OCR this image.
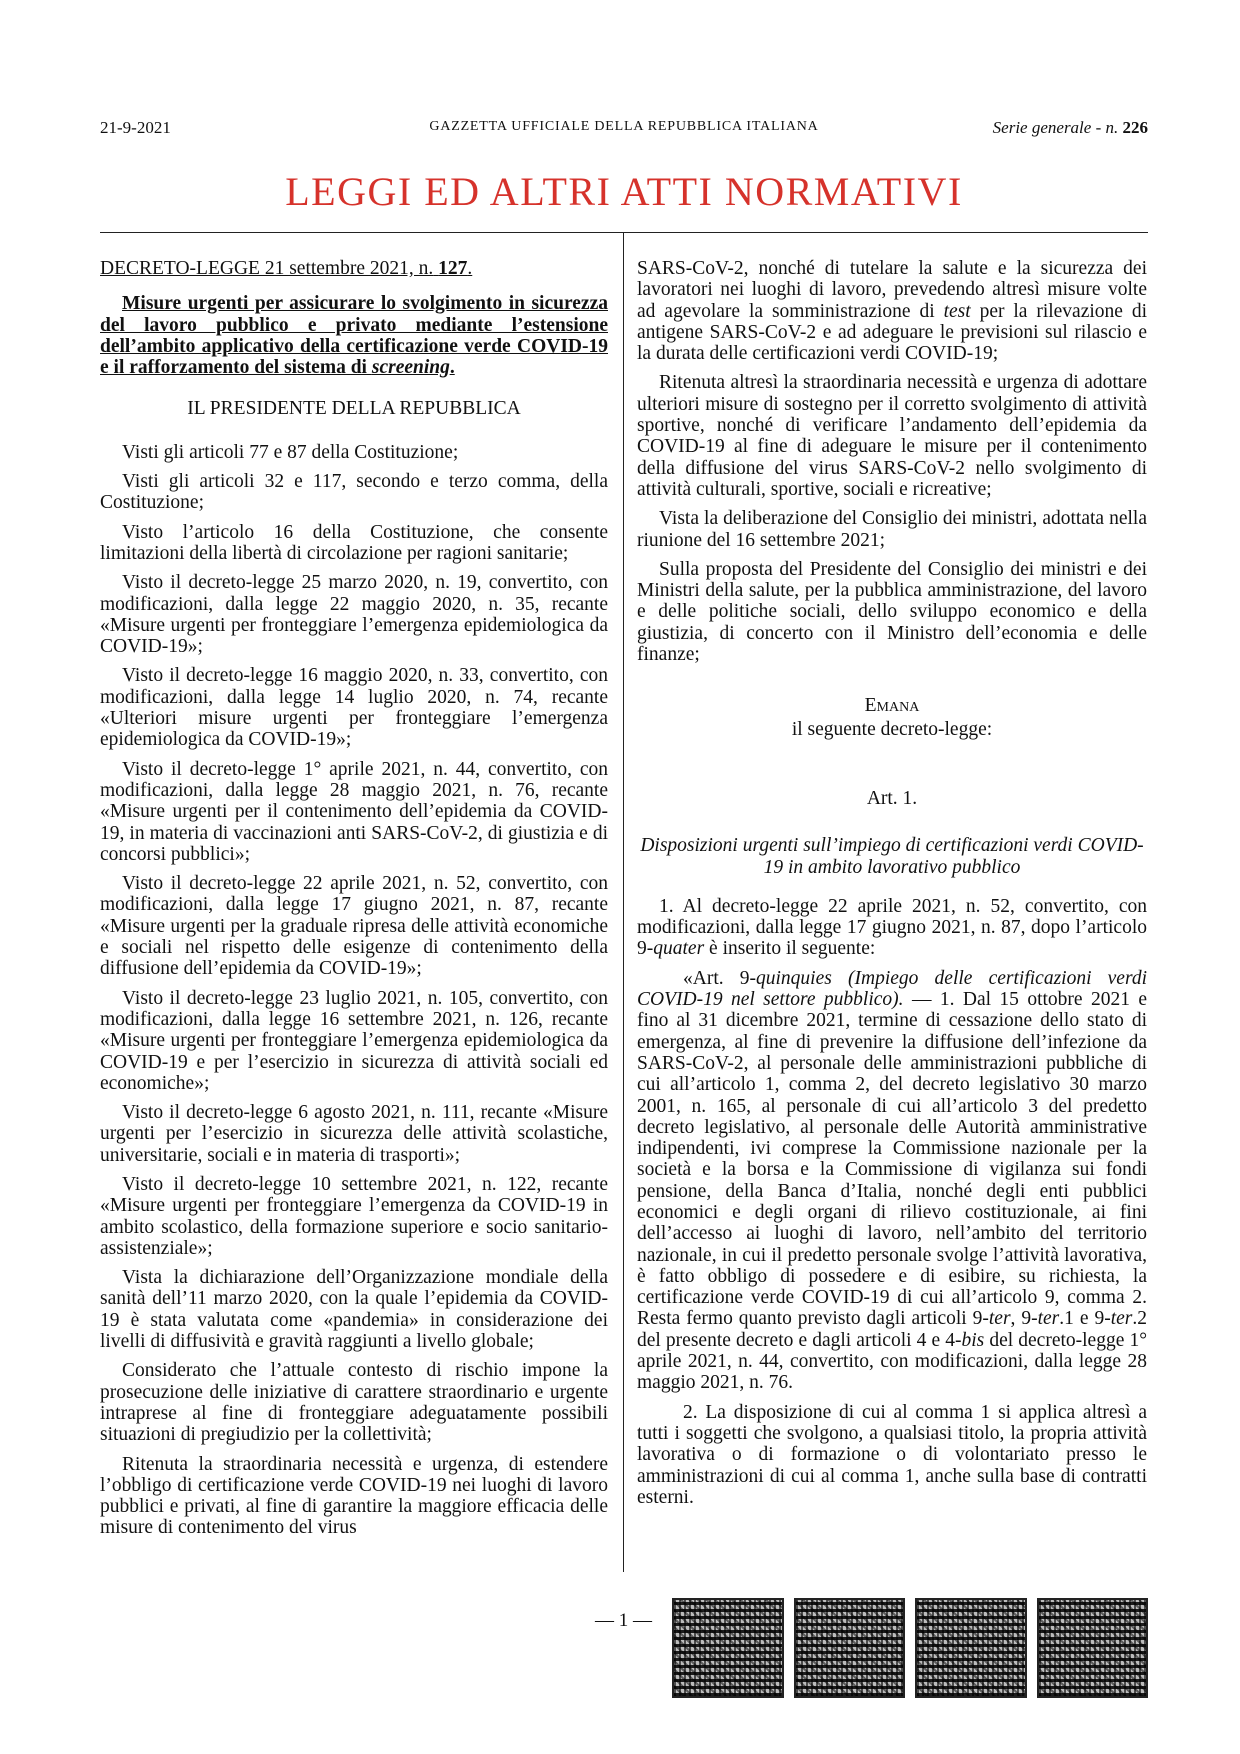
21-9-2021	GAZZETTA UFFICIALE DELLA REPUBBLICA ITALIANA	Serie generale - n. 226
LEGGI ED ALTRI ATTI NORMATIVI

DECRETO-LEGGE 21 settembre 2021, n. 127.

Misure urgenti per assicurare lo svolgimento in sicurezza del lavoro pubblico e privato mediante l’estensione dell’ambito applicativo della certificazione verde COVID-19 e il rafforzamento del sistema di screening.

IL PRESIDENTE DELLA REPUBBLICA

Visti gli articoli 77 e 87 della Costituzione;

Visti gli articoli 32 e 117, secondo e terzo comma, della Costituzione;

Visto l’articolo 16 della Costituzione, che consente limitazioni della libertà di circolazione per ragioni sanitarie;

Visto il decreto-legge 25 marzo 2020, n. 19, convertito, con modificazioni, dalla legge 22 maggio 2020, n. 35, recante «Misure urgenti per fronteggiare l’emergenza epidemiologica da COVID-19»;

Visto il decreto-legge 16 maggio 2020, n. 33, convertito, con modificazioni, dalla legge 14 luglio 2020, n. 74, recante «Ulteriori misure urgenti per fronteggiare l’emergenza epidemiologica da COVID-19»;

Visto il decreto-legge 1° aprile 2021, n. 44, convertito, con modificazioni, dalla legge 28 maggio 2021, n. 76, recante «Misure urgenti per il contenimento dell’epidemia da COVID-19, in materia di vaccinazioni anti SARS-CoV-2, di giustizia e di concorsi pubblici»;

Visto il decreto-legge 22 aprile 2021, n. 52, convertito, con modificazioni, dalla legge 17 giugno 2021, n. 87, recante «Misure urgenti per la graduale ripresa delle attività economiche e sociali nel rispetto delle esigenze di contenimento della diffusione dell’epidemia da COVID-19»;

Visto il decreto-legge 23 luglio 2021, n. 105, convertito, con modificazioni, dalla legge 16 settembre 2021, n. 126, recante «Misure urgenti per fronteggiare l’emergenza epidemiologica da COVID-19 e per l’esercizio in sicurezza di attività sociali ed economiche»;

Visto il decreto-legge 6 agosto 2021, n. 111, recante «Misure urgenti per l’esercizio in sicurezza delle attività scolastiche, universitarie, sociali e in materia di trasporti»;

Visto il decreto-legge 10 settembre 2021, n. 122, recante «Misure urgenti per fronteggiare l’emergenza da COVID-19 in ambito scolastico, della formazione superiore e socio sanitario-assistenziale»;

Vista la dichiarazione dell’Organizzazione mondiale della sanità dell’11 marzo 2020, con la quale l’epidemia da COVID-19 è stata valutata come «pandemia» in considerazione dei livelli di diffusività e gravità raggiunti a livello globale;

Considerato che l’attuale contesto di rischio impone la prosecuzione delle iniziative di carattere straordinario e urgente intraprese al fine di fronteggiare adeguatamente possibili situazioni di pregiudizio per la collettività;

Ritenuta la straordinaria necessità e urgenza, di estendere l’obbligo di certificazione verde COVID-19 nei luoghi di lavoro pubblici e privati, al fine di garantire la maggiore efficacia delle misure di contenimento del virus

SARS-CoV-2, nonché di tutelare la salute e la sicurezza dei lavoratori nei luoghi di lavoro, prevedendo altresì misure volte ad agevolare la somministrazione di test per la rilevazione di antigene SARS-CoV-2 e ad adeguare le previsioni sul rilascio e la durata delle certificazioni verdi COVID-19;

Ritenuta altresì la straordinaria necessità e urgenza di adottare ulteriori misure di sostegno per il corretto svolgimento di attività sportive, nonché di verificare l’andamento dell’epidemia da COVID-19 al fine di adeguare le misure per il contenimento della diffusione del virus SARS-CoV-2 nello svolgimento di attività culturali, sportive, sociali e ricreative;

Vista la deliberazione del Consiglio dei ministri, adottata nella riunione del 16 settembre 2021;

Sulla proposta del Presidente del Consiglio dei ministri e dei Ministri della salute, per la pubblica amministrazione, del lavoro e delle politiche sociali, dello sviluppo economico e della giustizia, di concerto con il Ministro dell’economia e delle finanze;

Emana

il seguente decreto-legge:

Art. 1.

Disposizioni urgenti sull’impiego di certificazioni verdi COVID-19 in ambito lavorativo pubblico

1. Al decreto-legge 22 aprile 2021, n. 52, convertito, con modificazioni, dalla legge 17 giugno 2021, n. 87, dopo l’articolo 9-quater è inserito il seguente:

«Art. 9-quinquies (Impiego delle certificazioni verdi COVID-19 nel settore pubblico). — 1. Dal 15 ottobre 2021 e fino al 31 dicembre 2021, termine di cessazione dello stato di emergenza, al fine di prevenire la diffusione dell’infezione da SARS-CoV-2, al personale delle amministrazioni pubbliche di cui all’articolo 1, comma 2, del decreto legislativo 30 marzo 2001, n. 165, al personale di cui all’articolo 3 del predetto decreto legislativo, al personale delle Autorità amministrative indipendenti, ivi comprese la Commissione nazionale per la società e la borsa e la Commissione di vigilanza sui fondi pensione, della Banca d’Italia, nonché degli enti pubblici economici e degli organi di rilievo costituzionale, ai fini dell’accesso ai luoghi di lavoro, nell’ambito del territorio nazionale, in cui il predetto personale svolge l’attività lavorativa, è fatto obbligo di possedere e di esibire, su richiesta, la certificazione verde COVID-19 di cui all’articolo 9, comma 2. Resta fermo quanto previsto dagli articoli 9-ter, 9-ter.1 e 9-ter.2 del presente decreto e dagli articoli 4 e 4-bis del decreto-legge 1° aprile 2021, n. 44, convertito, con modificazioni, dalla legge 28 maggio 2021, n. 76.

2. La disposizione di cui al comma 1 si applica altresì a tutti i soggetti che svolgono, a qualsiasi titolo, la propria attività lavorativa o di formazione o di volontariato presso le amministrazioni di cui al comma 1, anche sulla base di contratti esterni.

— 1 —
